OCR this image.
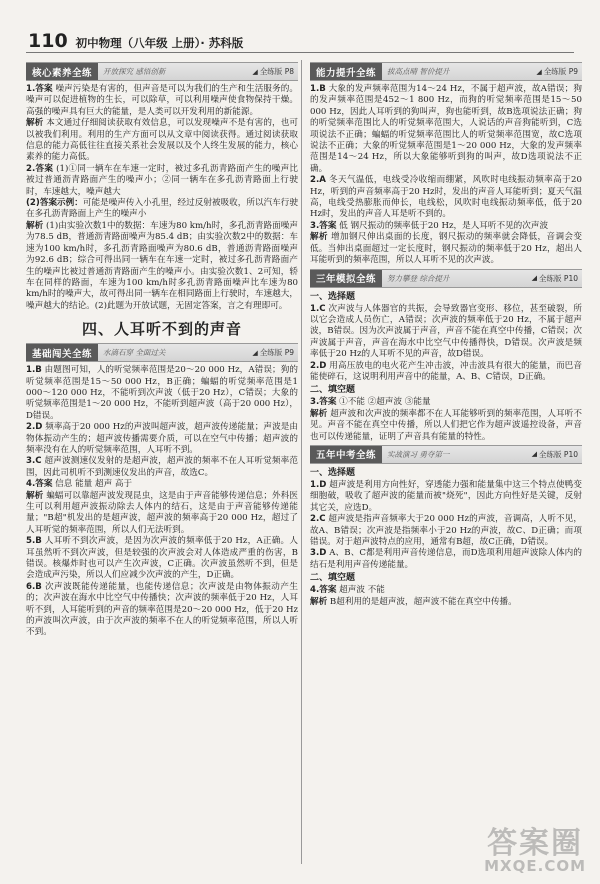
110 初中物理（八年级 上册）· 苏科版
核心素养全练	开放探究 感悟创新	◢ 全练版 P8

1.答案 噪声污染是有害的，但声音是可以为我们的生产和生活服务的。噪声可以促进植物的生长，可以除草，可以利用噪声使食物保持干燥。高强的噪声具有巨大的能量，是人类可以开发利用的新能源。

解析 本文通过仔细阅读获取有效信息，可以发现噪声不是有害的，也可以被我们利用。利用的生产方面可以从文章中阅读获得。通过阅读获取信息的能力高低往往直接关系社会发展以及个人终生发展的能力，核心素养的能力高低。

2.答案 (1)①同一辆车在车速一定时，被过多孔沥青路面产生的噪声比被过普通沥青路面产生的噪声小；②同一辆车在多孔沥青路面上行驶时，车速越大，噪声越大

(2)答案示例：可能是噪声传入小孔里，经过反射被吸收，所以汽车行驶在多孔沥青路面上产生的噪声小

解析 (1)由实验次数1中的数据：车速为80 km/h时，多孔沥青路面噪声为78.5 dB，普通沥青路面噪声为85.4 dB；由实验次数2中的数据：车速为100 km/h时，多孔沥青路面噪声为80.6 dB，普通沥青路面噪声为92.6 dB；综合可得出同一辆车在车速一定时，被过多孔沥青路面产生的噪声比被过普通沥青路面产生的噪声小。由实验次数1、2可知，轿车在同样的路面，车速为100 km/h时多孔沥青路面噪声比车速为80 km/h时的噪声大，故可得出同一辆车在相同路面上行驶时，车速越大，噪声越大的结论。(2)此题为开放试题，无固定答案，言之有理即可。

四、人耳听不到的声音
基础闯关全练	水滴石穿 全面过关	◢ 全练版 P9

1.B 由题图可知，人的听觉频率范围是20～20 000 Hz，A错误；狗的听觉频率范围是15～50 000 Hz，B正确；蝙蝠的听觉频率范围是1 000～120 000 Hz，不能听到次声波（低于20 Hz），C错误；大象的听觉频率范围是1～20 000 Hz，不能听到超声波（高于20 000 Hz），D错误。

2.D 频率高于20 000 Hz的声波叫超声波，超声波传递能量；声波是由物体振动产生的；超声波传播需要介质，可以在空气中传播；超声波的频率没有在人的听觉频率范围，人耳听不到。

3.C 超声波测速仪发射的是超声波，超声波的频率不在人耳听觉频率范围，因此司机听不到测速仪发出的声音，故选C。

4.答案 信息 能量 超声 高于

解析 蝙蝠可以靠超声波发现昆虫，这是由于声音能够传递信息；外科医生可以利用超声波振动除去人体内的结石，这是由于声音能够传递能量；"B超"机发出的是超声波，超声波的频率高于20 000 Hz，超过了人耳听觉的频率范围，所以人们无法听到。

5.B 人耳听不到次声波，是因为次声波的频率低于20 Hz，A正确。人耳虽然听不到次声波，但是较强的次声波会对人体造成严重的伤害，B错误。核爆炸时也可以产生次声波，C正确。次声波虽然听不到，但是会造成声污染，所以人们应减少次声波的产生，D正确。

6.B 次声波既能传递能量，也能传递信息；次声波是由物体振动产生的；次声波在海水中比空气中传播快；次声波的频率低于20 Hz，人耳听不到，人耳能听到的声音的频率范围是20～20 000 Hz，低于20 Hz的声波叫次声波，由于次声波的频率不在人的听觉频率范围，所以人听不到。

能力提升全练	拔高点晴 智价提升	◢ 全练版 P9

1.B 大象的发声频率范围为14～24 Hz，不属于超声波，故A错误；狗的发声频率范围是452～1 800 Hz，而狗的听觉频率范围是15～50 000 Hz，因此人耳听到的狗叫声，狗也能听到，故B选项说法正确；狗的听觉频率范围比人的听觉频率范围大，人说话的声音狗能听到，C选项说法不正确；蝙蝠的听觉频率范围比人的听觉频率范围宽，故C选项说法不正确；大象的听觉频率范围是1～20 000 Hz，大象的发声频率范围是14～24 Hz，所以大象能够听到狗的叫声，故D选项说法不正确。

2.A 冬天气温低，电线受冷收缩而绷紧，风吹时电线振动频率高于20 Hz，听到的声音频率高于20 Hz时，发出的声音人耳能听到；夏天气温高，电线受热膨胀而伸长，电线松，风吹时电线振动频率低，低于20 Hz时，发出的声音人耳是听不到的。

3.答案 低 钢尺振动的频率低于20 Hz，是人耳听不见的次声波

解析 增加钢尺伸出桌面的长度，钢尺振动的频率就会降低，音调会变低。当伸出桌面超过一定长度时，钢尺振动的频率低于20 Hz，超出人耳能听到的频率范围，所以人耳听不见的次声波。

三年模拟全练	努力攀登 综合提升	◢ 全练版 P10
一、选择题

1.C 次声波与人体器官的共振，会导致器官变形、移位，甚至破裂，所以它会造成人员伤亡，A错误；次声波的频率低于20 Hz，不属于超声波，B错误。因为次声波属于声音，声音不能在真空中传播，C错误；次声波属于声音，声音在海水中比空气中传播得快，D错误。次声波是频率低于20 Hz的人耳听不见的声音，故D错误。

2.D 用高压放电的电火花产生冲击波，冲击波具有很大的能量，而巴音能使碎石，这说明利用声音中的能量，A、B、C错误，D正确。

二、填空题

3.答案 ①不能 ②超声波 ③能量

解析 超声波和次声波的频率都不在人耳能够听到的频率范围，人耳听不见。声音不能在真空中传播，所以人们把它作为超声波遥控设备，声音也可以传递能量，证明了声音具有能量的特性。

五年中考全练	实战演习 勇夺第一	◢ 全练版 P10
一、选择题

1.D 超声波是利用方向性好，穿透能力强和能量集中这三个特点使鸭变细胞破，吸收了超声波的能量而被"烧死"，因此方向性好是关键，反射其它关，应选D。

2.C 超声波是指声音频率大于20 000 Hz的声波，音调高，人听不见，故A、B错误；次声波是指频率小于20 Hz的声波，故C、D正确；而项错误。对于超声波特点的应用，通常有B超，故C正确，D错误。

3.D A、B、C都是利用声音传递信息，而D选项利用超声波除人体内的结石是利用声音传递能量。

二、填空题

4.答案 超声波 不能

解析 B超利用的是超声波，超声波不能在真空中传播。

答案圈
MXQE.COM
